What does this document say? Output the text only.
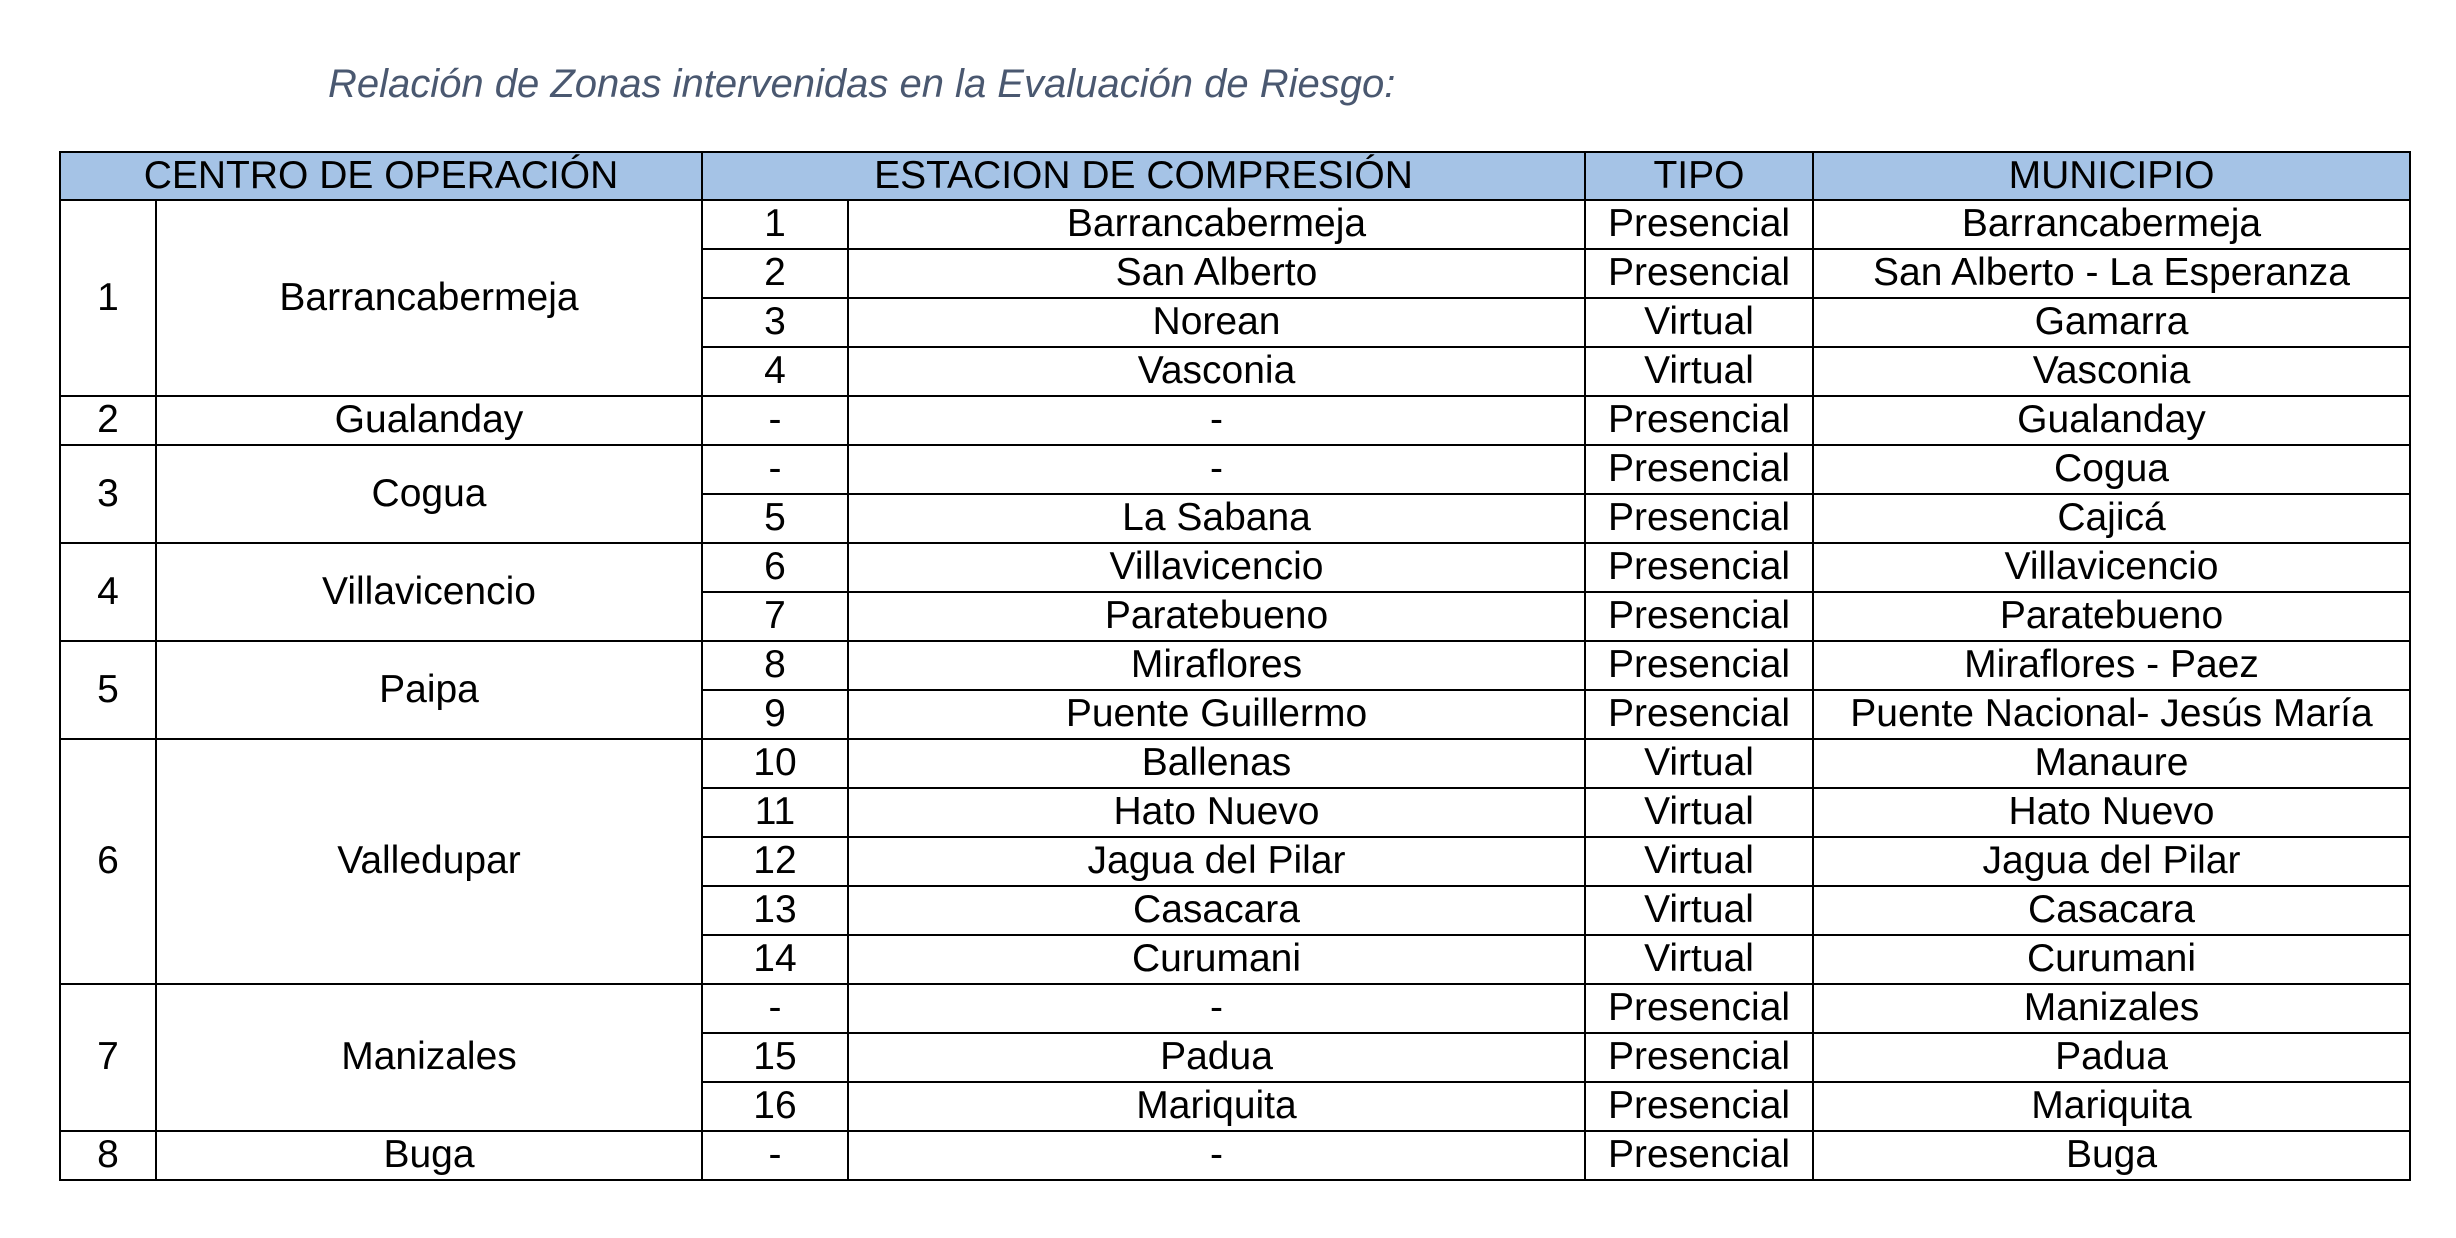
Relación de Zonas intervenidas en la Evaluación de Riesgo:
CENTRO DE OPERACIÓN		ESTACION DE COMPRESIÓN		TIPO	MUNICIPIO
1	Barrancabermeja	1	Barrancabermeja	Presencial	Barrancabermeja
		2	San Alberto	Presencial	San Alberto - La Esperanza
		3	Norean	Virtual	Gamarra
		4	Vasconia	Virtual	Vasconia
2	Gualanday	-	-	Presencial	Gualanday
3	Cogua	-	-	Presencial	Cogua
		5	La Sabana	Presencial	Cajicá
4	Villavicencio	6	Villavicencio	Presencial	Villavicencio
		7	Paratebueno	Presencial	Paratebueno
5	Paipa	8	Miraflores	Presencial	Miraflores - Paez
		9	Puente Guillermo	Presencial	Puente Nacional- Jesús María
6	Valledupar	10	Ballenas	Virtual	Manaure
		11	Hato Nuevo	Virtual	Hato Nuevo
		12	Jagua del Pilar	Virtual	Jagua del Pilar
		13	Casacara	Virtual	Casacara
		14	Curumani	Virtual	Curumani
7	Manizales	-	-	Presencial	Manizales
		15	Padua	Presencial	Padua
		16	Mariquita	Presencial	Mariquita
8	Buga	-	-	Presencial	Buga
